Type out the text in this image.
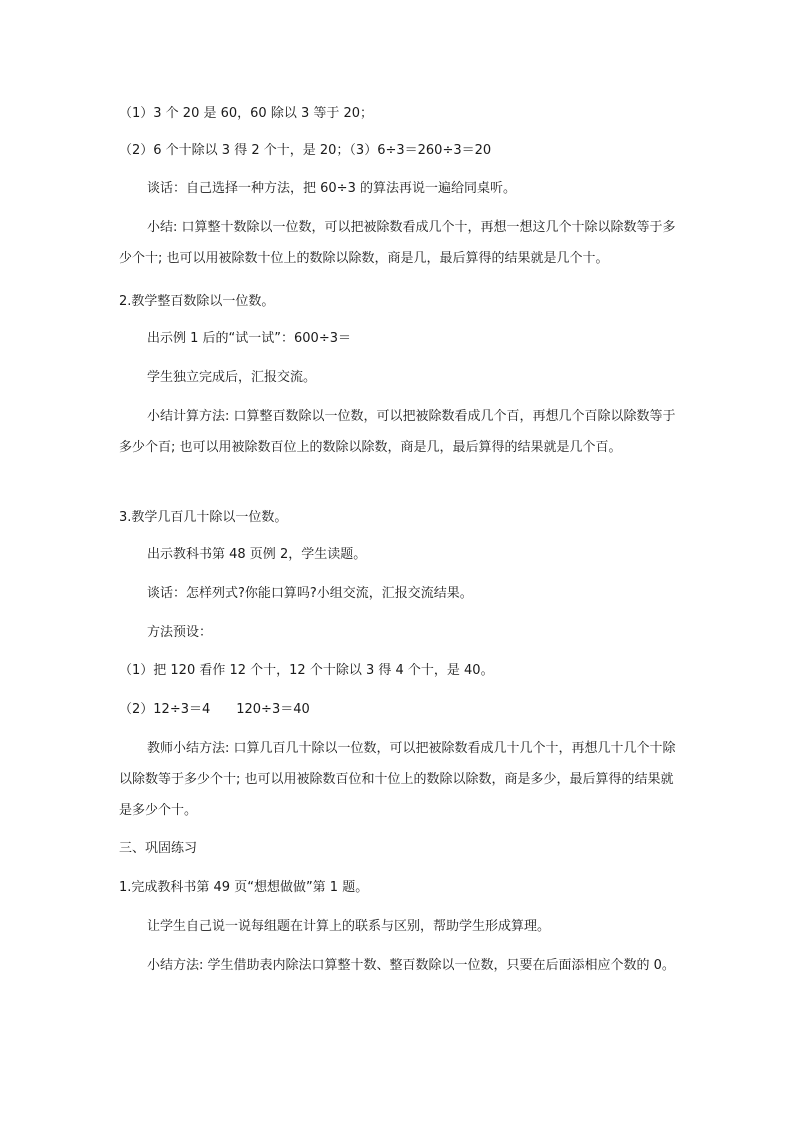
（1）3 个 20 是 60，60 除以 3 等于 20；

（2）6 个十除以 3 得 2 个十，是 20；（3）6÷3＝260÷3＝20

谈话：自己选择一种方法，把 60÷3 的算法再说一遍给同桌听。

小结: 口算整十数除以一位数，可以把被除数看成几个十，再想一想这几个十除以除数等于多少个十; 也可以用被除数十位上的数除以除数，商是几，最后算得的结果就是几个十。

2.教学整百数除以一位数。

出示例 1 后的“试一试”：600÷3＝

学生独立完成后，汇报交流。

小结计算方法: 口算整百数除以一位数，可以把被除数看成几个百，再想几个百除以除数等于多少个百; 也可以用被除数百位上的数除以除数，商是几，最后算得的结果就是几个百。

3.教学几百几十除以一位数。

出示教科书第 48 页例 2，学生读题。

谈话：怎样列式?你能口算吗?小组交流，汇报交流结果。

方法预设：

（1）把 120 看作 12 个十，12 个十除以 3 得 4 个十，是 40。

（2）12÷3＝4　　120÷3＝40

教师小结方法: 口算几百几十除以一位数，可以把被除数看成几十几个十，再想几十几个十除以除数等于多少个十; 也可以用被除数百位和十位上的数除以除数，商是多少，最后算得的结果就是多少个十。

三、巩固练习

1.完成教科书第 49 页“想想做做”第 1 题。

让学生自己说一说每组题在计算上的联系与区别，帮助学生形成算理。

小结方法: 学生借助表内除法口算整十数、整百数除以一位数，只要在后面添相应个数的 0。
